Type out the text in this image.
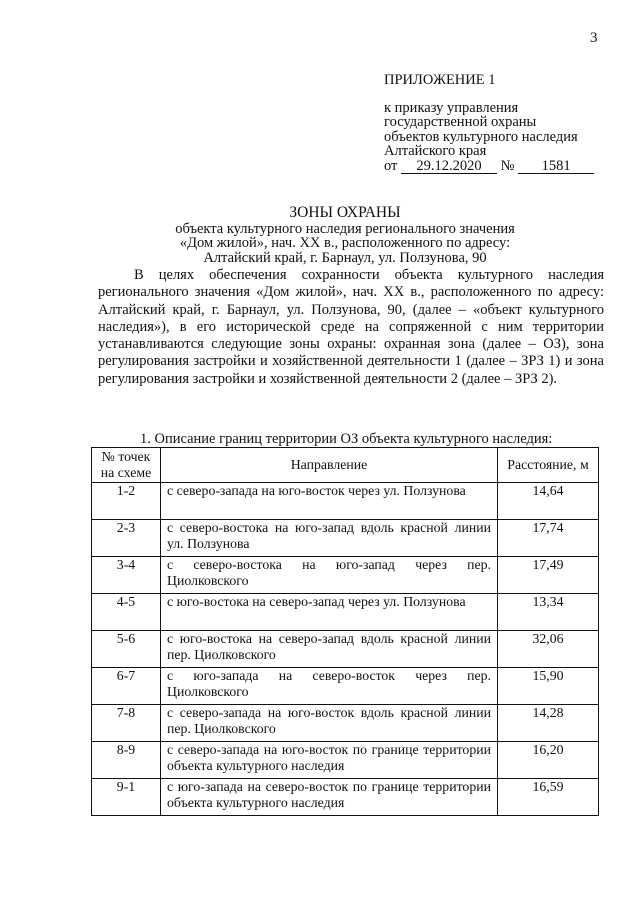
3
ПРИЛОЖЕНИЕ 1
к приказу управления
государственной охраны
объектов культурного наследия
Алтайского края
от 29.12.2020 № 1581
ЗОНЫ ОХРАНЫ
объекта культурного наследия регионального значения
«Дом жилой», нач. XX в., расположенного по адресу:
Алтайский край, г. Барнаул, ул. Ползунова, 90
В целях обеспечения сохранности объекта культурного наследия регионального значения «Дом жилой», нач. XX в., расположенного по адресу: Алтайский край, г. Барнаул, ул. Ползунова, 90, (далее – «объект культурного наследия»), в его исторической среде на сопряженной с ним территории устанавливаются следующие зоны охраны: охранная зона (далее – ОЗ), зона регулирования застройки и хозяйственной деятельности 1 (далее – ЗРЗ 1) и зона регулирования застройки и хозяйственной деятельности 2 (далее – ЗРЗ 2).
1. Описание границ территории ОЗ объекта культурного наследия:
№ точек на схеме	Направление	Расстояние, м
1-2	с северо-запада на юго-восток через ул. Ползунова	14,64
2-3	с северо-востока на юго-запад вдоль красной линии ул. Ползунова	17,74
3-4	с северо-востока на юго-запад через пер. Циолковского	17,49
4-5	с юго-востока на северо-запад через ул. Ползунова	13,34
5-6	с юго-востока на северо-запад вдоль красной линии пер. Циолковского	32,06
6-7	с юго-запада на северо-восток через пер. Циолковского	15,90
7-8	с северо-запада на юго-восток вдоль красной линии пер. Циолковского	14,28
8-9	с северо-запада на юго-восток по границе территории объекта культурного наследия	16,20
9-1	с юго-запада на северо-восток по границе территории объекта культурного наследия	16,59
